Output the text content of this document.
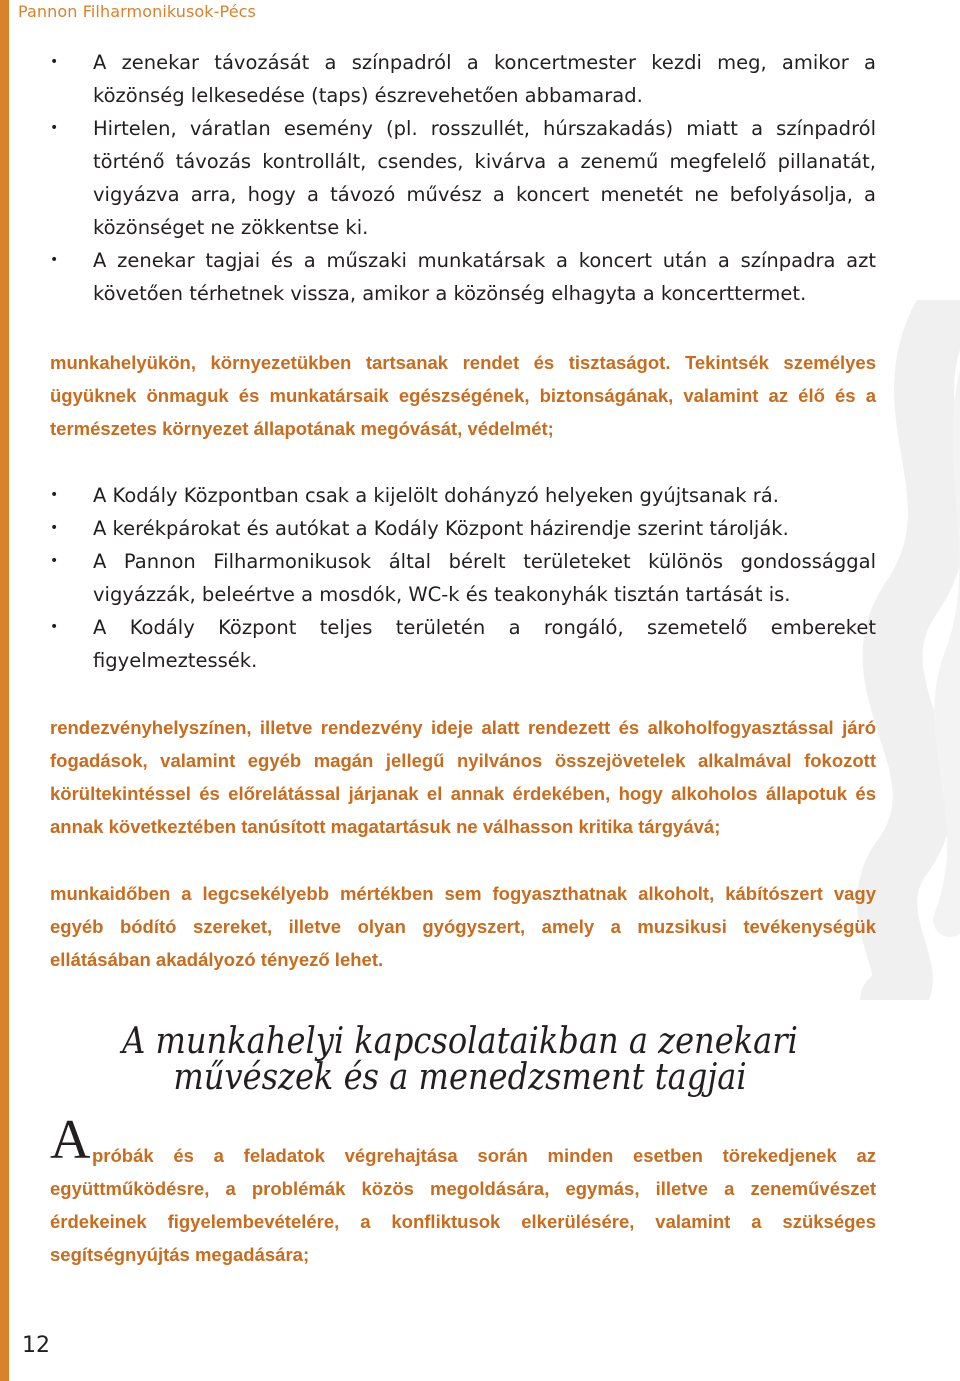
Pannon Filharmonikusok-Pécs
• A zenekar távozását a színpadról a koncertmester kezdi meg, amikor a közönség lelkesedése (taps) észrevehetően abbamarad.
• Hirtelen, váratlan esemény (pl. rosszullét, húrszakadás) miatt a színpadról történő távozás kontrollált, csendes, kivárva a zenemű megfelelő pillanatát, vigyázva arra, hogy a távozó művész a koncert menetét ne befolyásolja, a közönséget ne zökkentse ki.
• A zenekar tagjai és a műszaki munkatársak a koncert után a színpadra azt követően térhetnek vissza, amikor a közönség elhagyta a koncerttermet.

munkahelyükön, környezetükben tartsanak rendet és tisztaságot. Tekintsék személyes ügyüknek önmaguk és munkatársaik egészségének, biztonságának, valamint az élő és a természetes környezet állapotának megóvását, védelmét;

• A Kodály Központban csak a kijelölt dohányzó helyeken gyújtsanak rá.
• A kerékpárokat és autókat a Kodály Központ házirendje szerint tárolják.
• A Pannon Filharmonikusok által bérelt területeket különös gondossággal vigyázzák, beleértve a mosdók, WC-k és teakonyhák tisztán tartását is.
• A Kodály Központ teljes területén a rongáló, szemetelő embereket figyelmeztessék.

rendezvényhelyszínen, illetve rendezvény ideje alatt rendezett és alkoholfogyasztással járó fogadások, valamint egyéb magán jellegű nyilvános összejövetelek alkalmával fokozott körültekintéssel és előrelátással járjanak el annak érdekében, hogy alkoholos állapotuk és annak következtében tanúsított magatartásuk ne válhasson kritika tárgyává;

munkaidőben a legcsekélyebb mértékben sem fogyaszthatnak alkoholt, kábítószert vagy egyéb bódító szereket, illetve olyan gyógyszert, amely a muzsikusi tevékenységük ellátásában akadályozó tényező lehet.

A munkahelyi kapcsolataikban a zenekari
művészek és a menedzsment tagjai
A próbák és a feladatok végrehajtása során minden esetben törekedjenek az együttműködésre, a problémák közös megoldására, egymás, illetve a zeneművészet érdekeinek figyelembevételére, a konfliktusok elkerülésére, valamint a szükséges segítségnyújtás megadására;

12
